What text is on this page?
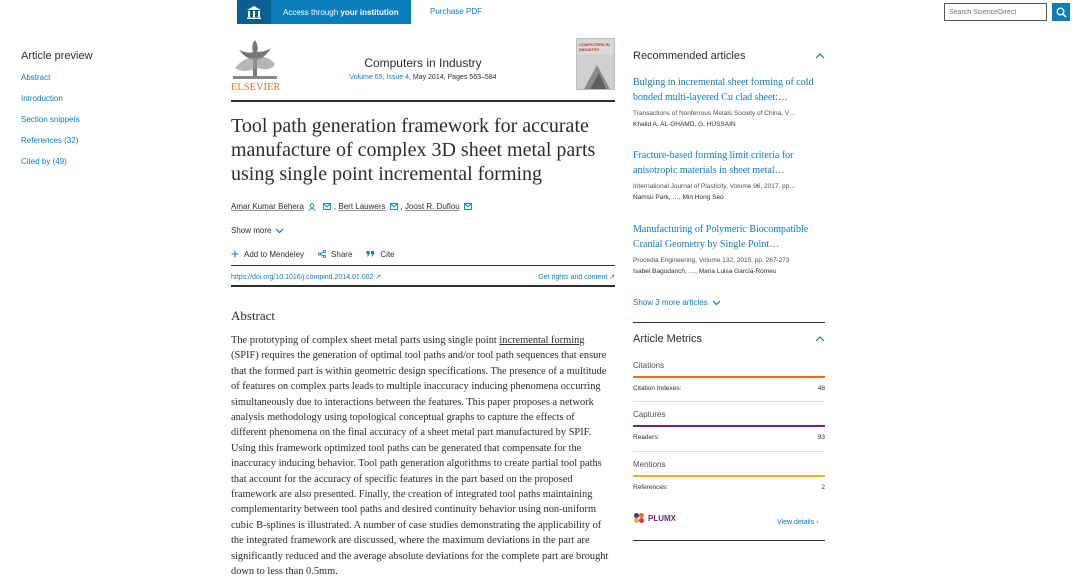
Access through your institution	Purchase PDF
Search ScienceDirect
Article preview
Abstract
Introduction
Section snippets
References (32)
Cited by (49)
ELSEVIER
Computers in Industry
Volume 65, Issue 4, May 2014, Pages 563–584
COMPUTERS IN INDUSTRY
Tool path generation framework for accurate manufacture of complex 3D sheet metal parts using single point incremental forming
Amar Kumar Behera	, Bert Lauwers , Joost R. Duflou
Show more
Add to Mendeley	Share	Cite
https://doi.org/10.1016/j.compind.2014.01.002 ↗	Get rights and content ↗
Abstract
The prototyping of complex sheet metal parts using single point incremental forming (SPIF) requires the generation of optimal tool paths and/or tool path sequences that ensure that the formed part is within geometric design specifications. The presence of a multitude of features on complex parts leads to multiple inaccuracy inducing phenomena occurring simultaneously due to interactions between the features. This paper proposes a network analysis methodology using topological conceptual graphs to capture the effects of different phenomena on the final accuracy of a sheet metal part manufactured by SPIF. Using this framework optimized tool paths can be generated that compensate for the inaccuracy inducing behavior. Tool path generation algorithms to create partial tool paths that account for the accuracy of specific features in the part based on the proposed framework are also presented. Finally, the creation of integrated tool paths maintaining complementarity between tool paths and desired continuity behavior using non-uniform cubic B-splines is illustrated. A number of case studies demonstrating the applicability of the integrated framework are discussed, where the maximum deviations in the part are significantly reduced and the average absolute deviations for the complete part are brought down to less than 0.5mm.
Recommended articles
Bulging in incremental sheet forming of cold bonded multi-layered Cu clad sheet:…
Transactions of Nonferrous Metals Society of China, V…
Khalid A. AL-GHAMD, G. HUSSAIN
Fracture-based forming limit criteria for anisotropic materials in sheet metal…
International Journal of Plasticity, Volume 96, 2017, pp…
Namsu Park, …, Min Hong Seo
Manufacturing of Polymeric Biocompatible Cranial Geometry by Single Point…
Procedia Engineering, Volume 132, 2015, pp. 267-273
Isabel Bagudanch, …, Maria Luisa Garcia-Romeu
Show 3 more articles
Article Metrics
Citations
Citation Indexes:	48
Captures
Readers:	93
Mentions
References:	2
PLUMX	View details ›
